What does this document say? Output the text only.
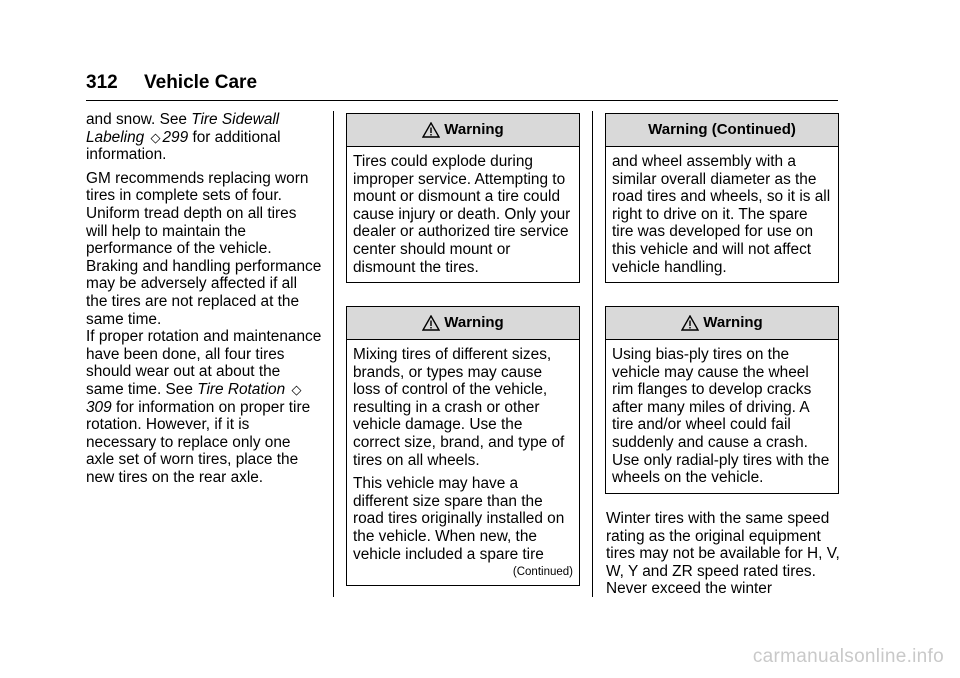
312 Vehicle Care

and snow. See Tire Sidewall Labeling ◇ 299 for additional information.

GM recommends replacing worn tires in complete sets of four. Uniform tread depth on all tires will help to maintain the performance of the vehicle. Braking and handling performance may be adversely affected if all the tires are not replaced at the same time.

If proper rotation and maintenance have been done, all four tires should wear out at about the same time. See Tire Rotation ◇309 for information on proper tire rotation. However, if it is necessary to replace only one axle set of worn tires, place the new tires on the rear axle.

Warning

Tires could explode during improper service. Attempting to mount or dismount a tire could cause injury or death. Only your dealer or authorized tire service center should mount or dismount the tires.

Warning

Mixing tires of different sizes, brands, or types may cause loss of control of the vehicle, resulting in a crash or other vehicle damage. Use the correct size, brand, and type of tires on all wheels.

This vehicle may have a different size spare than the road tires originally installed on the vehicle. When new, the vehicle included a spare tire

(Continued)
Warning (Continued)

and wheel assembly with a similar overall diameter as the road tires and wheels, so it is all right to drive on it. The spare tire was developed for use on this vehicle and will not affect vehicle handling.

Warning

Using bias-ply tires on the vehicle may cause the wheel rim flanges to develop cracks after many miles of driving. A tire and/or wheel could fail suddenly and cause a crash. Use only radial-ply tires with the wheels on the vehicle.

Winter tires with the same speed rating as the original equipment tires may not be available for H, V, W, Y and ZR speed rated tires. Never exceed the winter

carmanualsonline.info
